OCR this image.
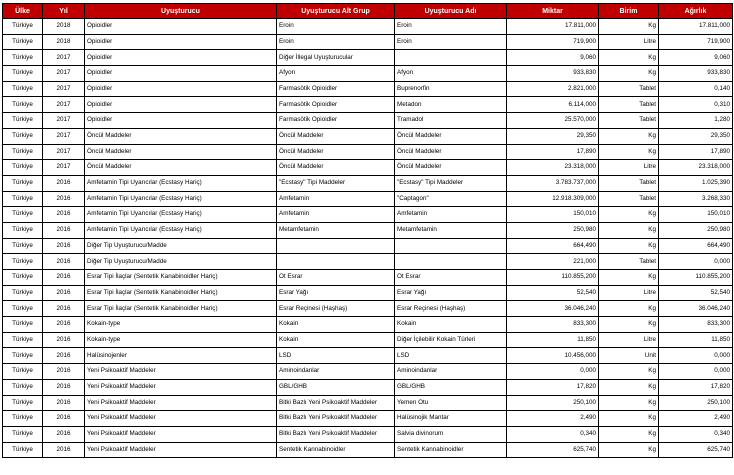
Ülke	Yıl	Uyuşturucu	Uyuşturucu Alt Grup	Uyuşturucu Adı	Miktar	Birim	Ağırlık
Türkiye	2018	Opioidler	Eroin	Eroin	17.811,000	Kg	17.811,000
Türkiye	2018	Opioidler	Eroin	Eroin	719,900	Litre	719,900
Türkiye	2017	Opioidler	Diğer İllegal Uyuşturucular		9,060	Kg	9,060
Türkiye	2017	Opioidler	Afyon	Afyon	933,830	Kg	933,830
Türkiye	2017	Opioidler	Farmasötik Opioidler	Buprenorfin	2.821,000	Tablet	0,140
Türkiye	2017	Opioidler	Farmasötik Opioidler	Metadon	6.114,000	Tablet	0,310
Türkiye	2017	Opioidler	Farmasötik Opioidler	Tramadol	25.570,000	Tablet	1,280
Türkiye	2017	Öncül Maddeler	Öncül Maddeler	Öncül Maddeler	29,350	Kg	29,350
Türkiye	2017	Öncül Maddeler	Öncül Maddeler	Öncül Maddeler	17,890	Kg	17,890
Türkiye	2017	Öncül Maddeler	Öncül Maddeler	Öncül Maddeler	23.318,000	Litre	23.318,000
Türkiye	2016	Amfetamin Tipi Uyarıcılar (Ecstasy Hariç)	"Ecstasy" Tipi Maddeler	"Ecstasy" Tipi Maddeler	3.783.737,000	Tablet	1.025,390
Türkiye	2016	Amfetamin Tipi Uyarıcılar (Ecstasy Hariç)	Amfetamin	"Captagon"	12.918.309,000	Tablet	3.268,330
Türkiye	2016	Amfetamin Tipi Uyarıcılar (Ecstasy Hariç)	Amfetamin	Amfetamin	150,010	Kg	150,010
Türkiye	2016	Amfetamin Tipi Uyarıcılar (Ecstasy Hariç)	Metamfetamin	Metamfetamin	250,980	Kg	250,980
Türkiye	2016	Diğer Tip Uyuşturucu/Madde			664,490	Kg	664,490
Türkiye	2016	Diğer Tip Uyuşturucu/Madde			221,000	Tablet	0,000
Türkiye	2016	Esrar Tipi İlaçlar (Sentetik Kanabinoidler Hariç)	Ot Esrar	Ot Esrar	110.855,200	Kg	110.855,200
Türkiye	2016	Esrar Tipi İlaçlar (Sentetik Kanabinoidler Hariç)	Esrar Yağı	Esrar Yağı	52,540	Litre	52,540
Türkiye	2016	Esrar Tipi İlaçlar (Sentetik Kanabinoidler Hariç)	Esrar Reçinesi (Haşhaş)	Esrar Reçinesi (Haşhaş)	36.046,240	Kg	36.046,240
Türkiye	2016	Kokain-type	Kokain	Kokain	833,300	Kg	833,300
Türkiye	2016	Kokain-type	Kokain	Diğer İçilebilir Kokain Türleri	11,850	Litre	11,850
Türkiye	2016	Halüsinojenler	LSD	LSD	10.456,000	Unit	0,000
Türkiye	2016	Yeni Psikoaktif Maddeler	Aminoindanlar	Aminoindanlar	0,000	Kg	0,000
Türkiye	2016	Yeni Psikoaktif Maddeler	GBL/GHB	GBL/GHB	17,820	Kg	17,820
Türkiye	2016	Yeni Psikoaktif Maddeler	Bitki Bazlı Yeni Psikoaktif Maddeler	Yemen Otu	250,100	Kg	250,100
Türkiye	2016	Yeni Psikoaktif Maddeler	Bitki Bazlı Yeni Psikoaktif Maddeler	Halüsinojik Mantar	2,490	Kg	2,490
Türkiye	2016	Yeni Psikoaktif Maddeler	Bitki Bazlı Yeni Psikoaktif Maddeler	Salvia divinorum	0,340	Kg	0,340
Türkiye	2016	Yeni Psikoaktif Maddeler	Sentetik Kannabinoidler	Sentetik Kannabinoidler	625,740	Kg	625,740
